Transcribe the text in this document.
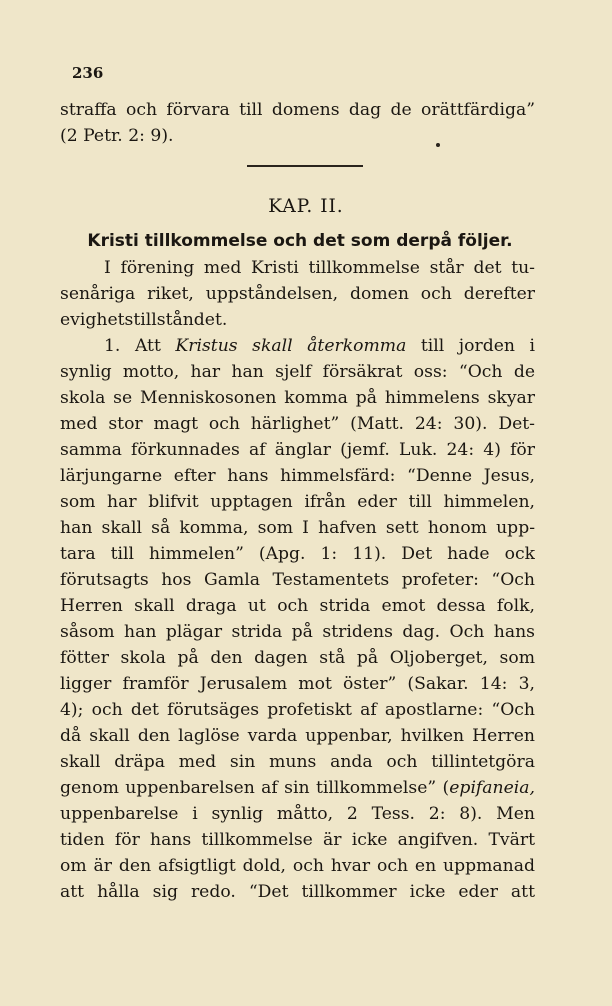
236
straffa och förvara till domens dag de orättfärdiga”
(2 Petr. 2: 9).
KAP. II.
Kristi tillkommelse och det som derpå följer.
I förening med Kristi tillkommelse står det tu-
senåriga riket, uppståndelsen, domen och derefter
evighetstillståndet.
1. Att Kristus skall återkomma till jorden i
synlig motto, har han sjelf försäkrat oss: “Och de
skola se Menniskosonen komma på himmelens skyar
med stor magt och härlighet” (Matt. 24: 30). Det-
samma förkunnades af änglar (jemf. Luk. 24: 4) för
lärjungarne efter hans himmelsfärd: “Denne Jesus,
som har blifvit upptagen ifrån eder till himmelen,
han skall så komma, som I hafven sett honom upp-
tara till himmelen” (Apg. 1: 11). Det hade ock
förutsagts hos Gamla Testamentets profeter: “Och
Herren skall draga ut och strida emot dessa folk,
såsom han plägar strida på stridens dag. Och hans
fötter skola på den dagen stå på Oljoberget, som
ligger framför Jerusalem mot öster” (Sakar. 14: 3,
4); och det förutsäges profetiskt af apostlarne: “Och
då skall den laglöse varda uppenbar, hvilken Herren
skall dräpa med sin muns anda och tillintetgöra
genom uppenbarelsen af sin tillkommelse” (epifaneia,
uppenbarelse i synlig måtto, 2 Tess. 2: 8). Men
tiden för hans tillkommelse är icke angifven. Tvärt
om är den afsigtligt dold, och hvar och en uppmanad
att hålla sig redo. “Det tillkommer icke eder att
